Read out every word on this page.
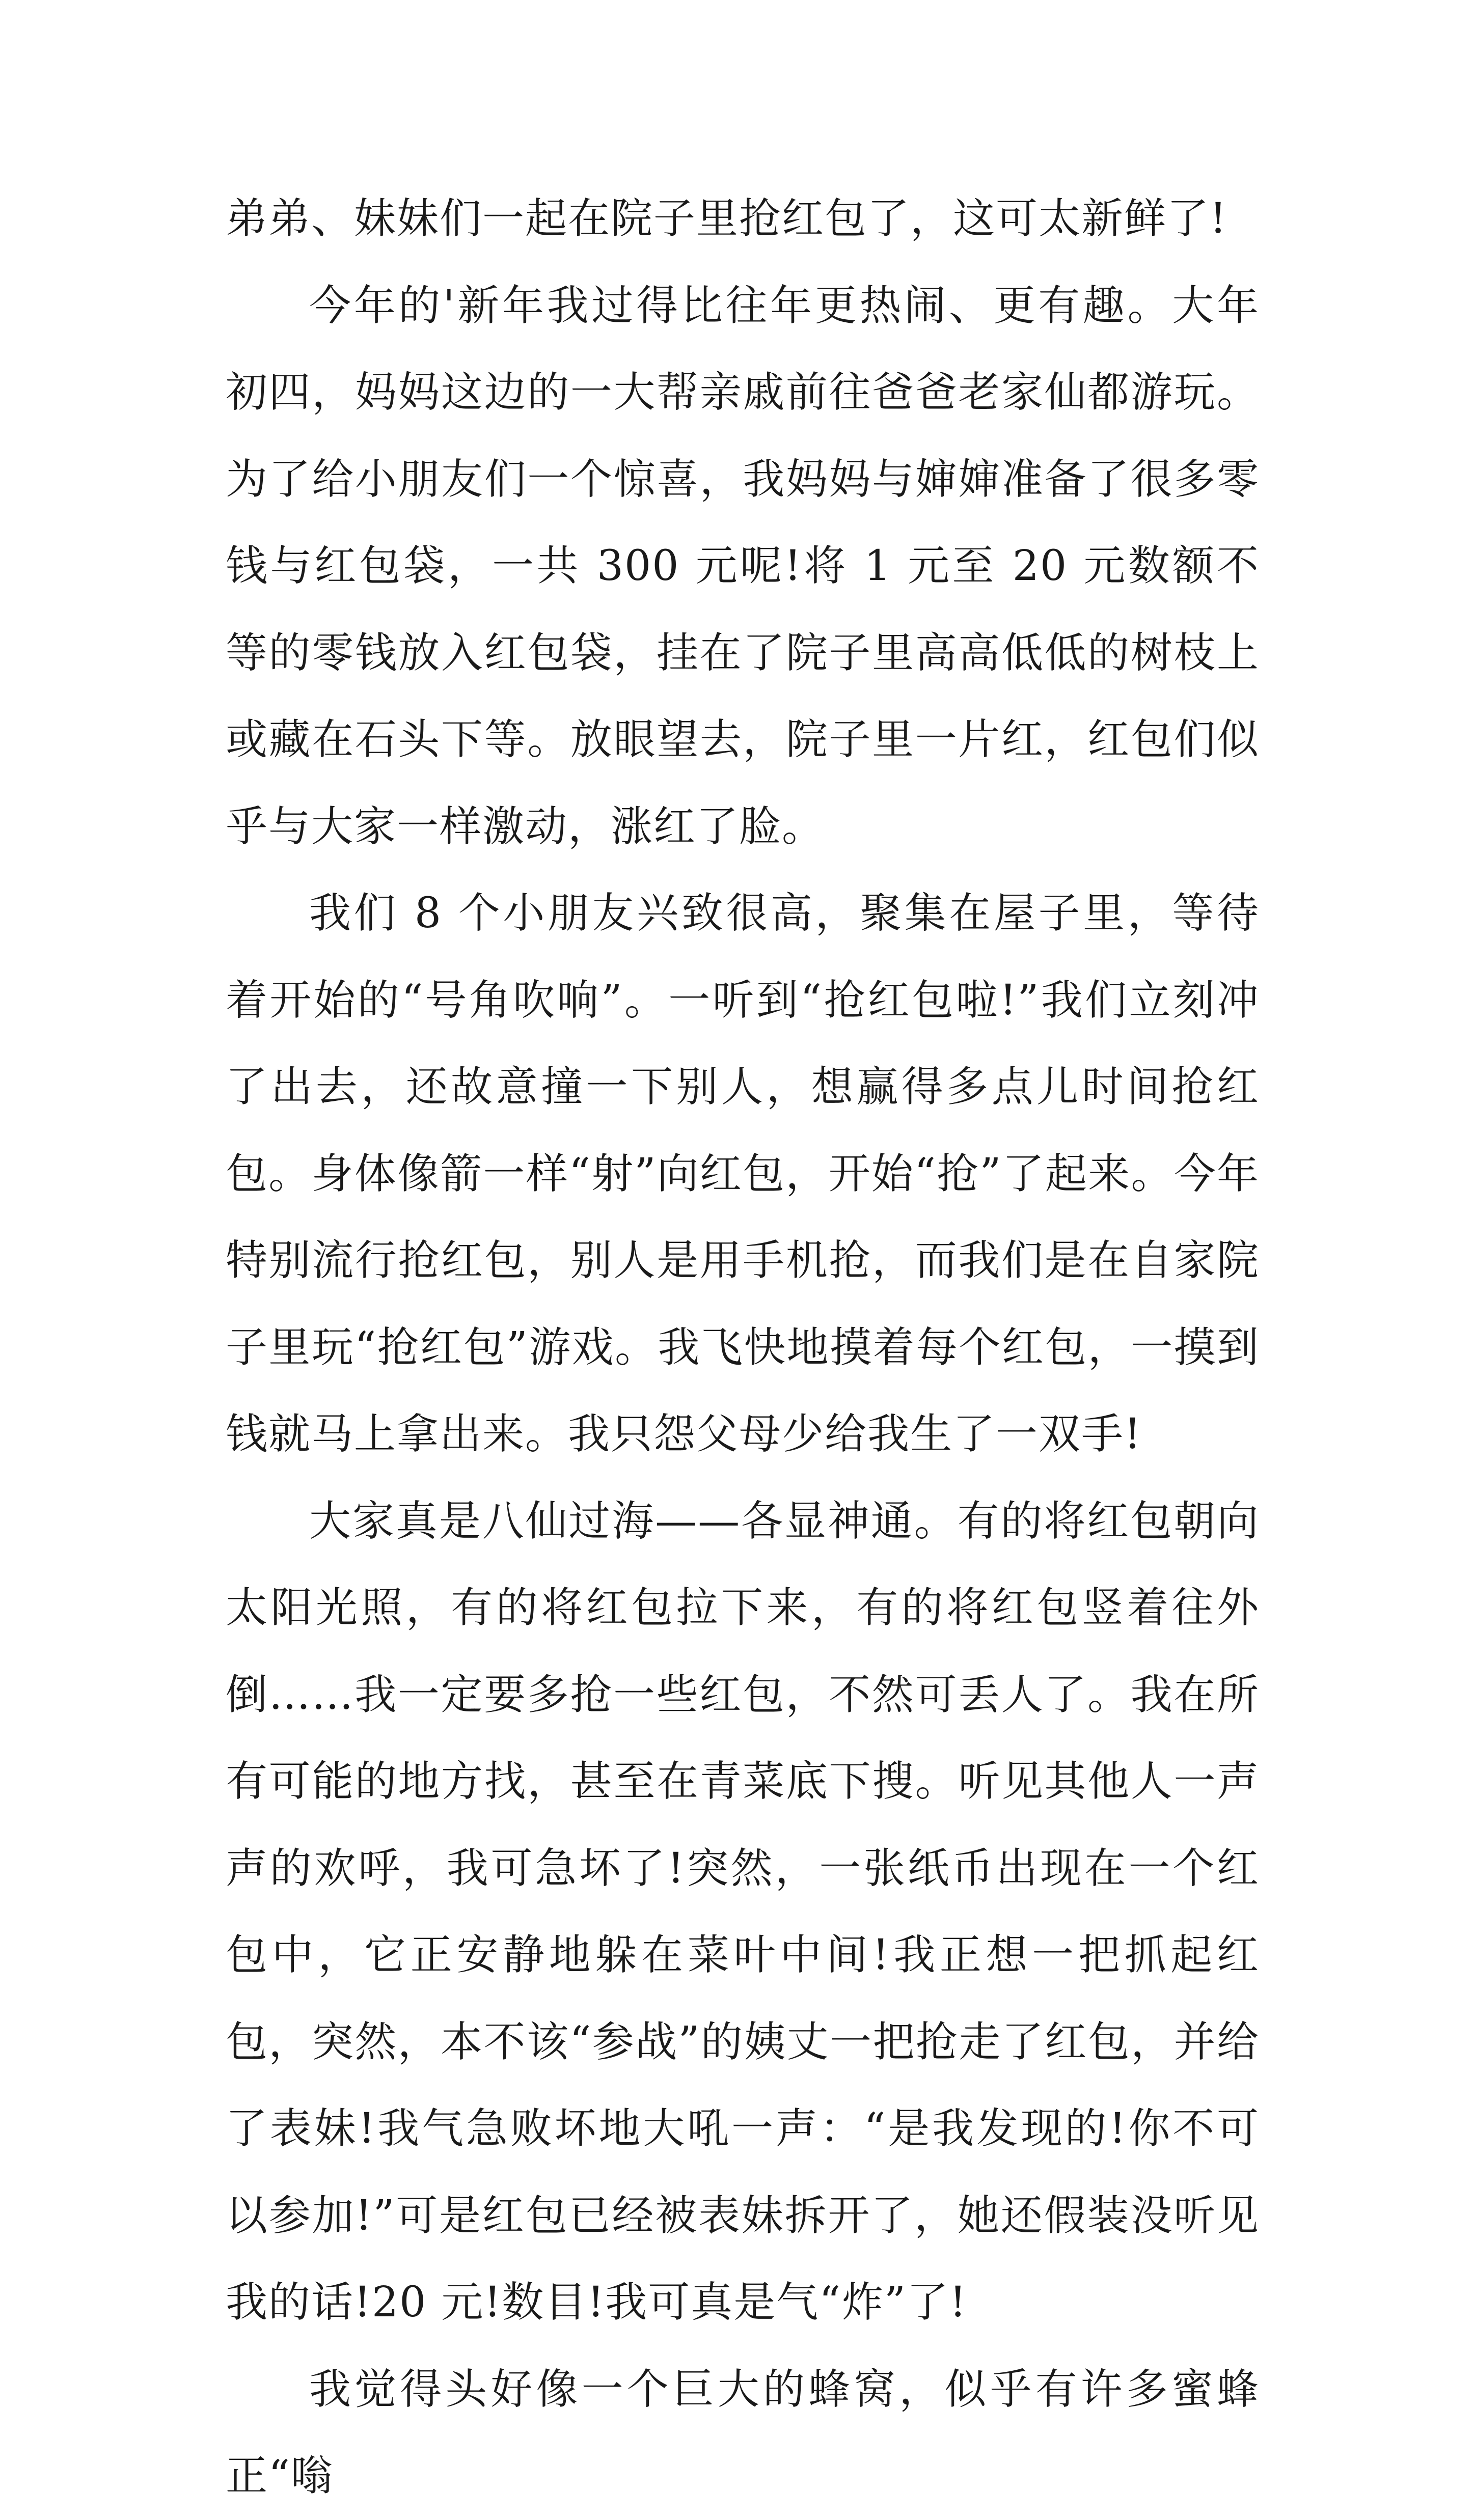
弟弟、妹妹们一起在院子里抢红包了，这可太新鲜了!

今年的'新年我过得比往年更热闹、更有趣。大年初四，妈妈这边的一大帮亲戚前往爸爸老家仙都游玩。为了给小朋友们一个惊喜，我妈妈与婶婶准备了很多零钱与红包袋，一共 300 元呢!将 1 元至 20 元数额不等的零钱放入红包袋，挂在了院子里高高低低的树枝上或藏在石头下等。放眼望去，院子里一片红，红包们似乎与大家一样激动，涨红了脸。

我们 8 个小朋友兴致很高，聚集在屋子里，等待着开始的“号角吹响”。一听到“抢红包啦!”我们立刻冲了出去，还故意撞一下别人，想赢得多点儿时间抢红包。身体像箭一样“射”向红包，开始“抢”了起来。今年特别流行抢红包，别人是用手机抢，而我们是在自家院子里玩“抢红包”游戏。我飞快地摸着每个红包，一摸到钱就马上拿出来。我只怨父母少给我生了一双手!

大家真是八仙过海——各显神通。有的将红包朝向太阳光照，有的将红包拉下来，有的将红包竖着往外倒……我一定要多抢一些红包，不然可丢人了。我在所有可能的地方找，甚至在青菜底下搜。听见其他人一声声的欢呼，我可急坏了!突然，一张纸币出现在一个红包中，它正安静地躲在菜叶中间!我正想一把抓起红包，突然，本不该“参战”的姨丈一把抢走了红包，并给了表妹!我气急败坏地大吼一声：“是我发现的!你不可以参加!”可是红包已经被表妹拆开了，她还假装没听见我的话!20 元!数目!我可真是气“炸”了!

我觉得头好像一个巨大的蜂窝，似乎有许多蜜蜂正“嗡
